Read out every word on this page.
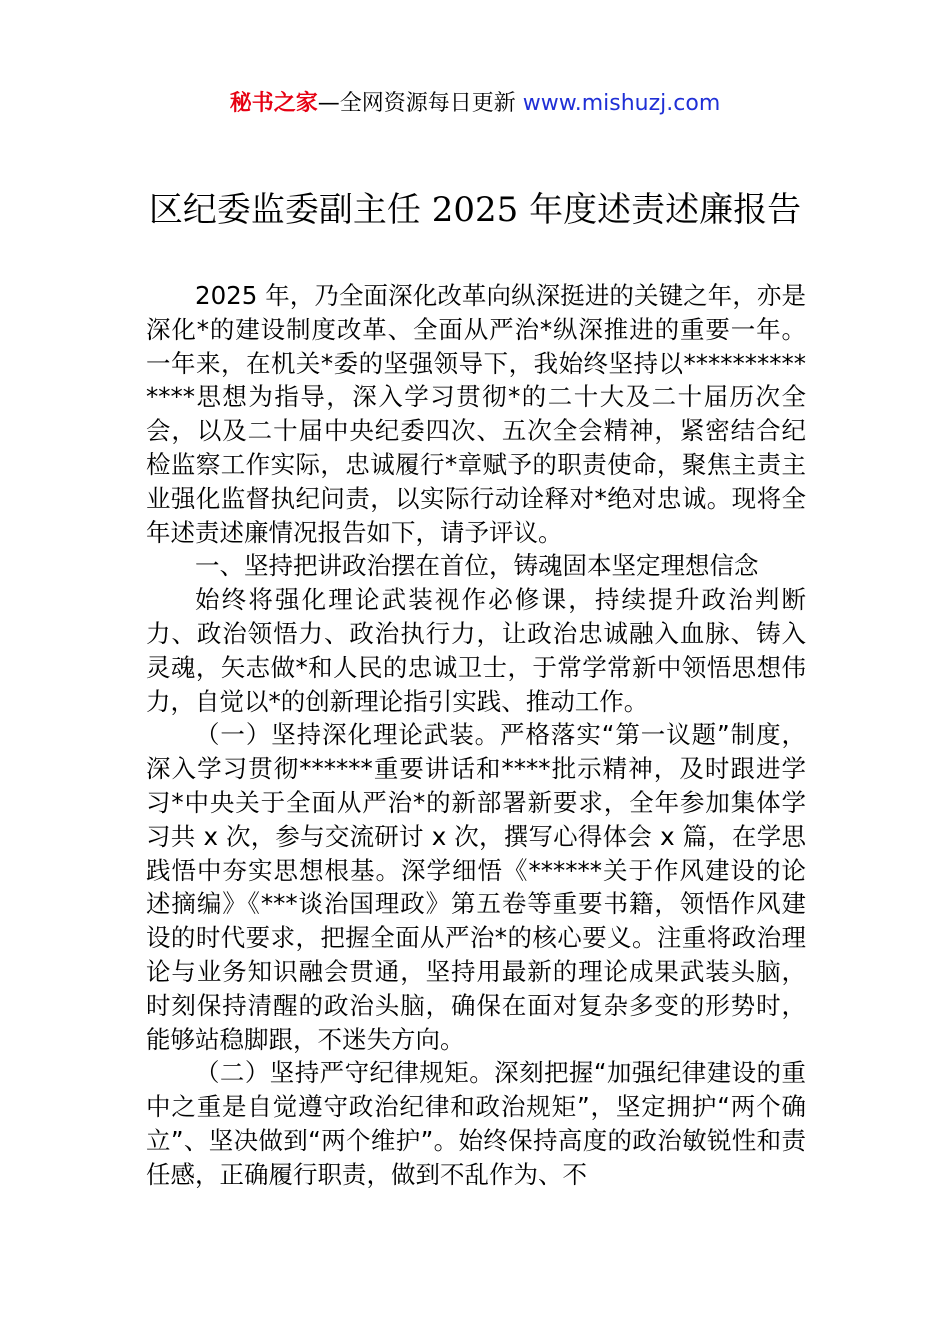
秘书之家—全网资源每日更新 www.mishuzj.com
区纪委监委副主任 2025 年度述责述廉报告

2025 年，乃全面深化改革向纵深挺进的关键之年，亦是深化*的建设制度改革、全面从严治*纵深推进的重要一年。一年来，在机关*委的坚强领导下，我始终坚持以**************思想为指导，深入学习贯彻*的二十大及二十届历次全会，以及二十届中央纪委四次、五次全会精神，紧密结合纪检监察工作实际，忠诚履行*章赋予的职责使命，聚焦主责主业强化监督执纪问责，以实际行动诠释对*绝对忠诚。现将全年述责述廉情况报告如下，请予评议。

一、坚持把讲政治摆在首位，铸魂固本坚定理想信念

始终将强化理论武装视作必修课，持续提升政治判断力、政治领悟力、政治执行力，让政治忠诚融入血脉、铸入灵魂，矢志做*和人民的忠诚卫士，于常学常新中领悟思想伟力，自觉以*的创新理论指引实践、推动工作。

（一）坚持深化理论武装。严格落实“第一议题”制度，深入学习贯彻******重要讲话和****批示精神，及时跟进学习*中央关于全面从严治*的新部署新要求，全年参加集体学习共 x 次，参与交流研讨 x 次，撰写心得体会 x 篇，在学思践悟中夯实思想根基。深学细悟《******关于作风建设的论述摘编》《***谈治国理政》第五卷等重要书籍，领悟作风建设的时代要求，把握全面从严治*的核心要义。注重将政治理论与业务知识融会贯通，坚持用最新的理论成果武装头脑，时刻保持清醒的政治头脑，确保在面对复杂多变的形势时，能够站稳脚跟，不迷失方向。

（二）坚持严守纪律规矩。深刻把握“加强纪律建设的重中之重是自觉遵守政治纪律和政治规矩”，坚定拥护“两个确立”、坚决做到“两个维护”。始终保持高度的政治敏锐性和责任感，正确履行职责，做到不乱作为、不
